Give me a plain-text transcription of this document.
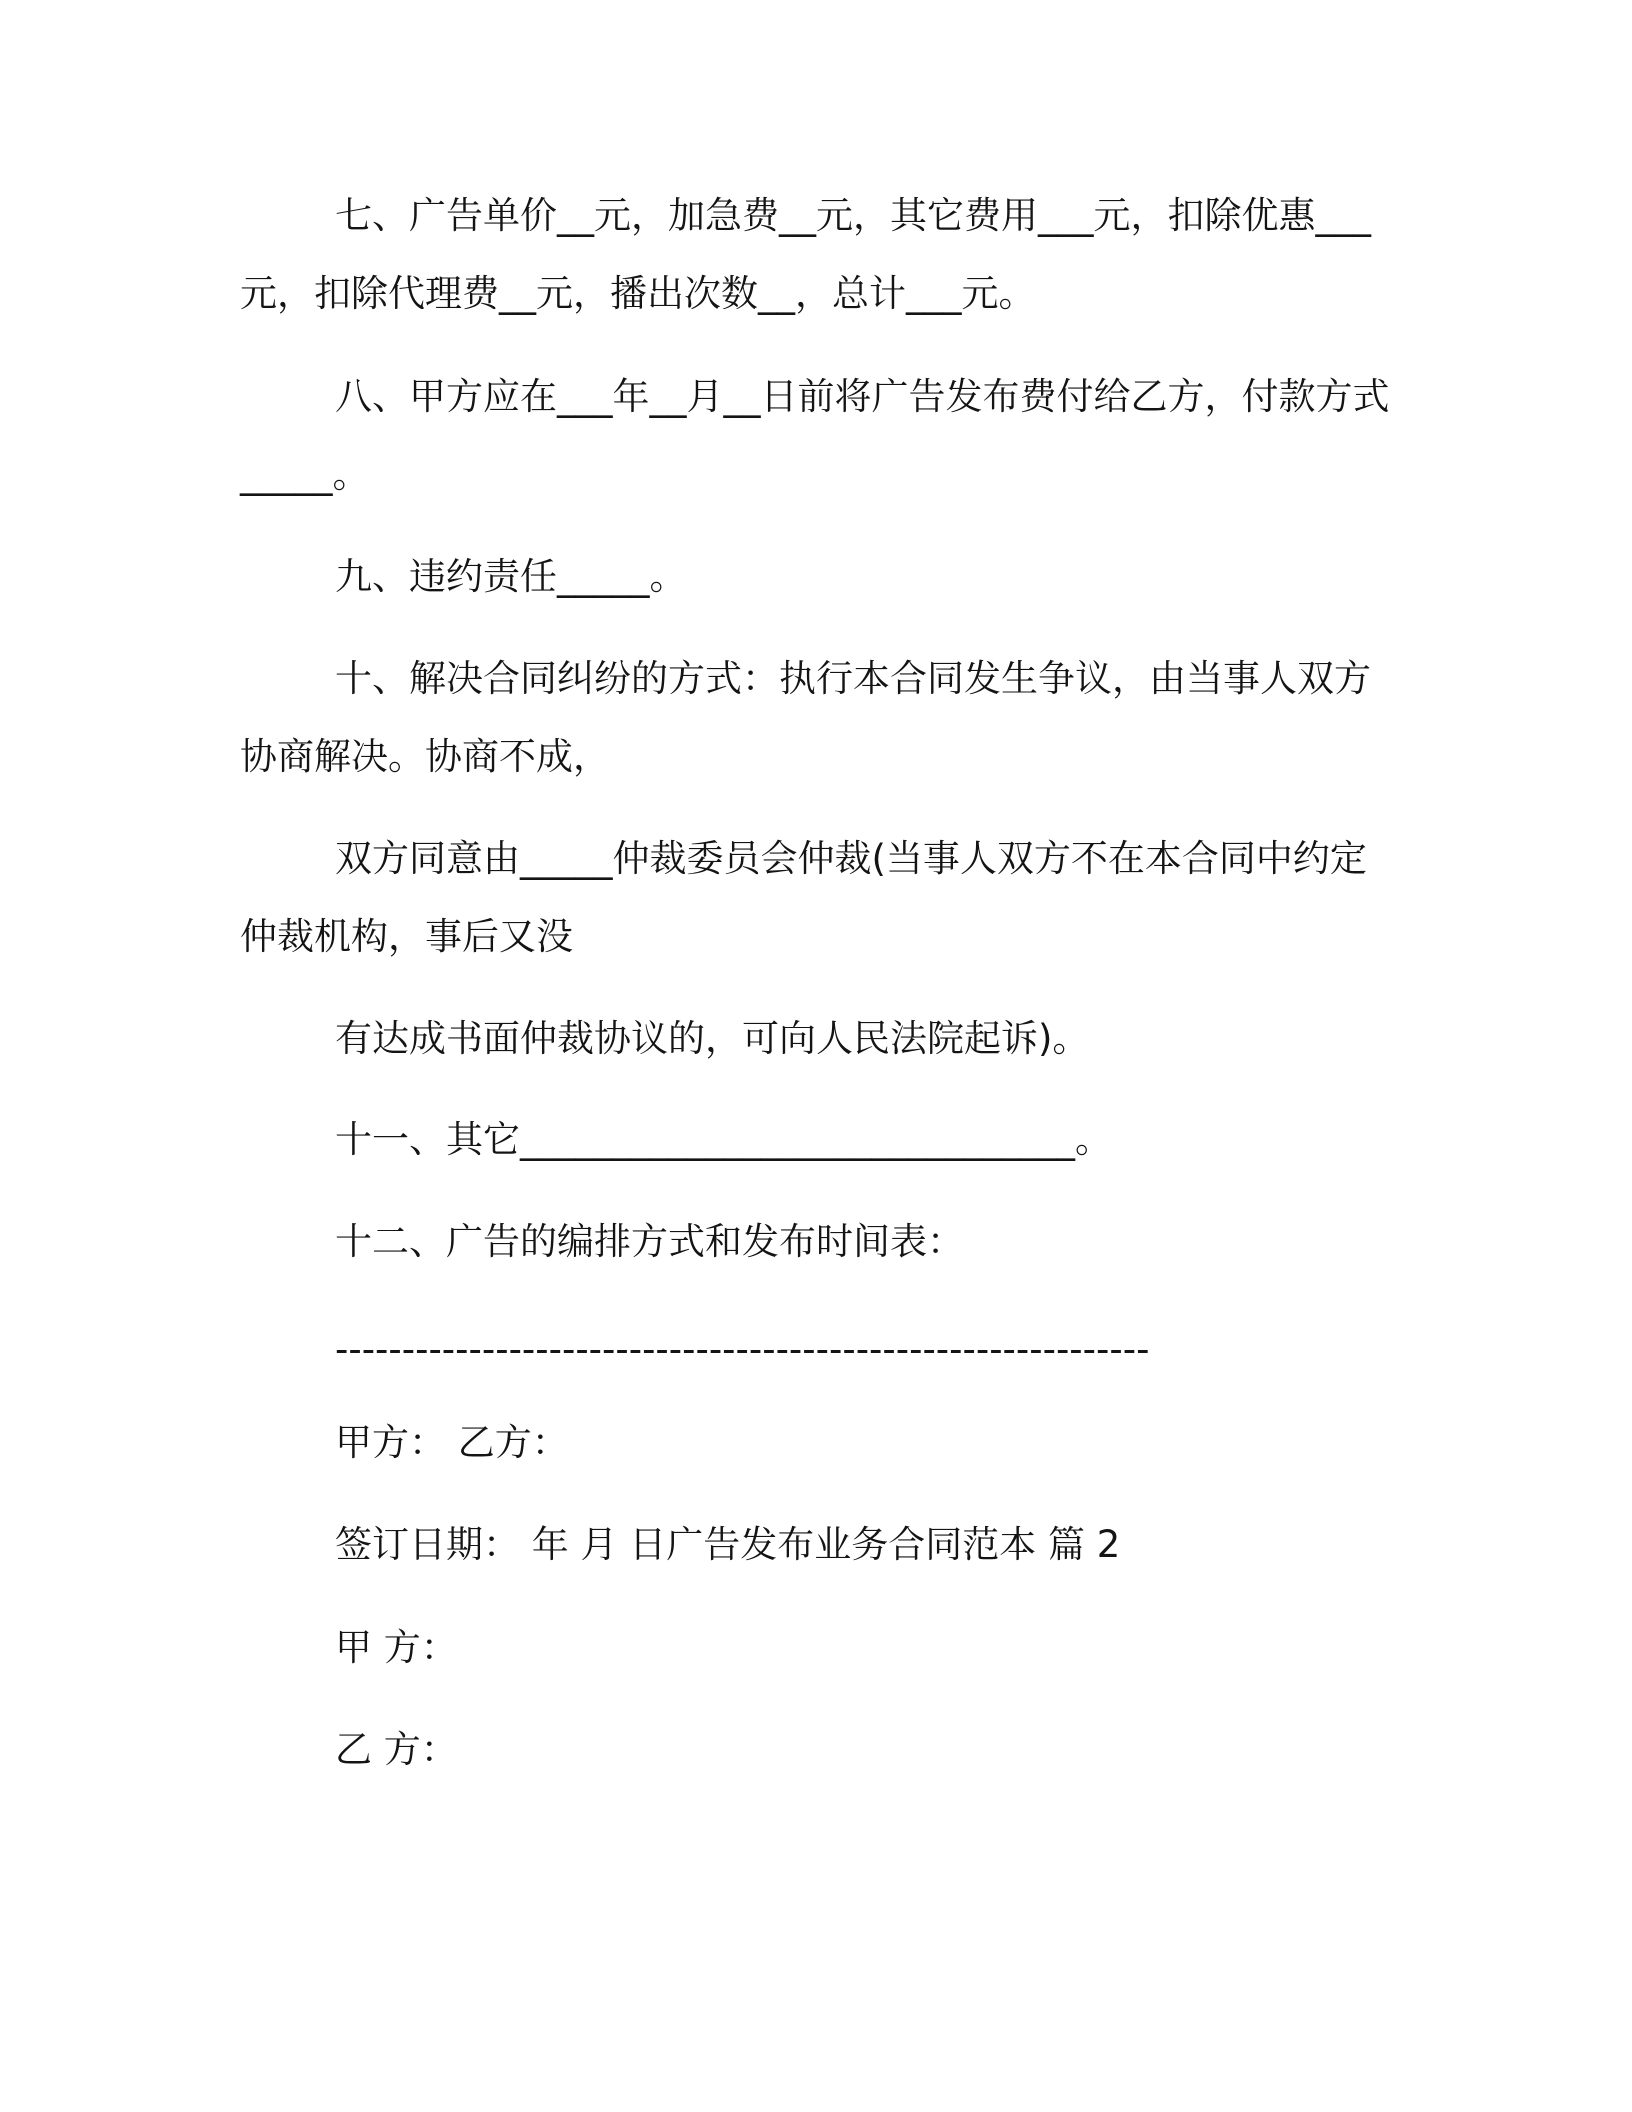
七、广告单价__元，加急费__元，其它费用___元，扣除优惠___元，扣除代理费__元，播出次数__，总计___元。

八、甲方应在___年__月__日前将广告发布费付给乙方，付款方式_____。

九、违约责任_____。

十、解决合同纠纷的方式：执行本合同发生争议，由当事人双方协商解决。协商不成，

双方同意由_____仲裁委员会仲裁(当事人双方不在本合同中约定仲裁机构，事后又没

有达成书面仲裁协议的，可向人民法院起诉)。

十一、其它______________________________。

十二、广告的编排方式和发布时间表：

-------------------------------------------------------------

甲方： 乙方：

签订日期： 年 月 日广告发布业务合同范本 篇 2

甲 方：

乙 方：
